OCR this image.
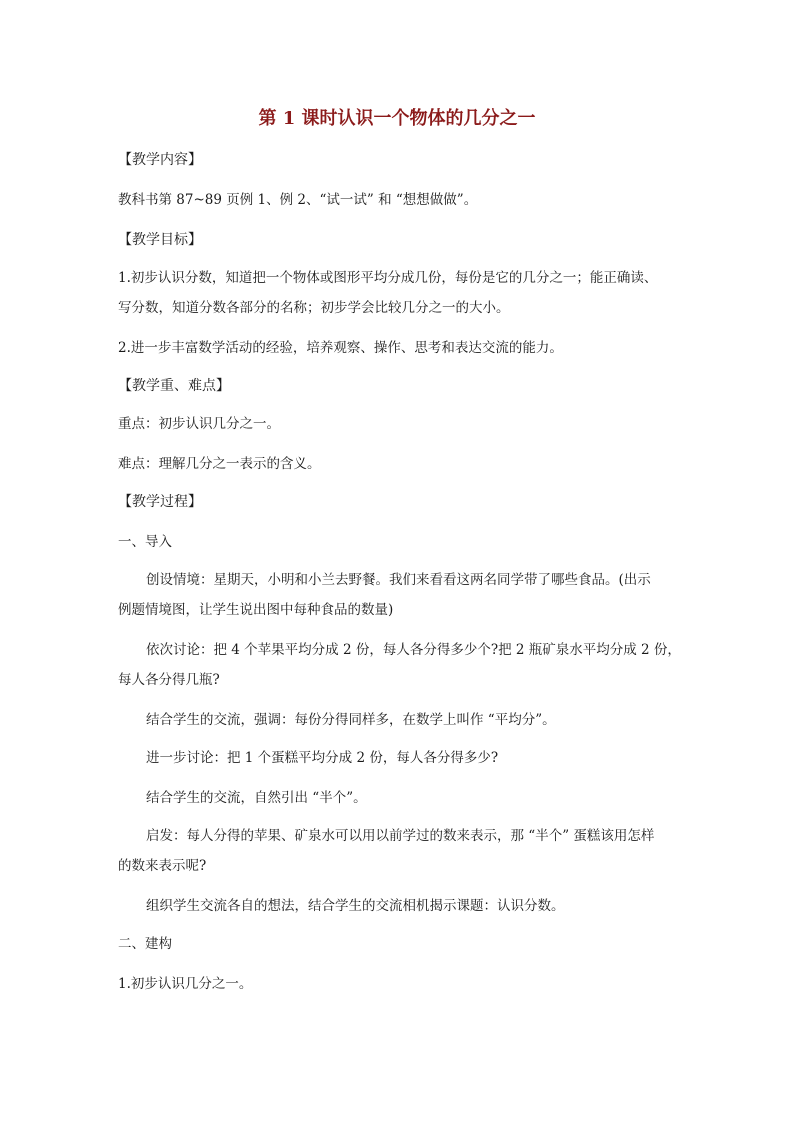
第 1 课时认识一个物体的几分之一
【教学内容】
教科书第 87~89 页例 1、例 2、“试一试” 和 “想想做做”。
【教学目标】
1.初步认识分数，知道把一个物体或图形平均分成几份，每份是它的几分之一；能正确读、
写分数，知道分数各部分的名称；初步学会比较几分之一的大小。
2.进一步丰富数学活动的经验，培养观察、操作、思考和表达交流的能力。
【教学重、难点】
重点：初步认识几分之一。
难点：理解几分之一表示的含义。
【教学过程】
一、导入
创设情境：星期天，小明和小兰去野餐。我们来看看这两名同学带了哪些食品。(出示
例题情境图，让学生说出图中每种食品的数量)
依次讨论：把 4 个苹果平均分成 2 份，每人各分得多少个?把 2 瓶矿泉水平均分成 2 份，
每人各分得几瓶?
结合学生的交流，强调：每份分得同样多，在数学上叫作 “平均分”。
进一步讨论：把 1 个蛋糕平均分成 2 份，每人各分得多少?
结合学生的交流，自然引出 “半个”。
启发：每人分得的苹果、矿泉水可以用以前学过的数来表示，那 “半个” 蛋糕该用怎样
的数来表示呢?
组织学生交流各自的想法，结合学生的交流相机揭示课题：认识分数。
二、建构
1.初步认识几分之一。
